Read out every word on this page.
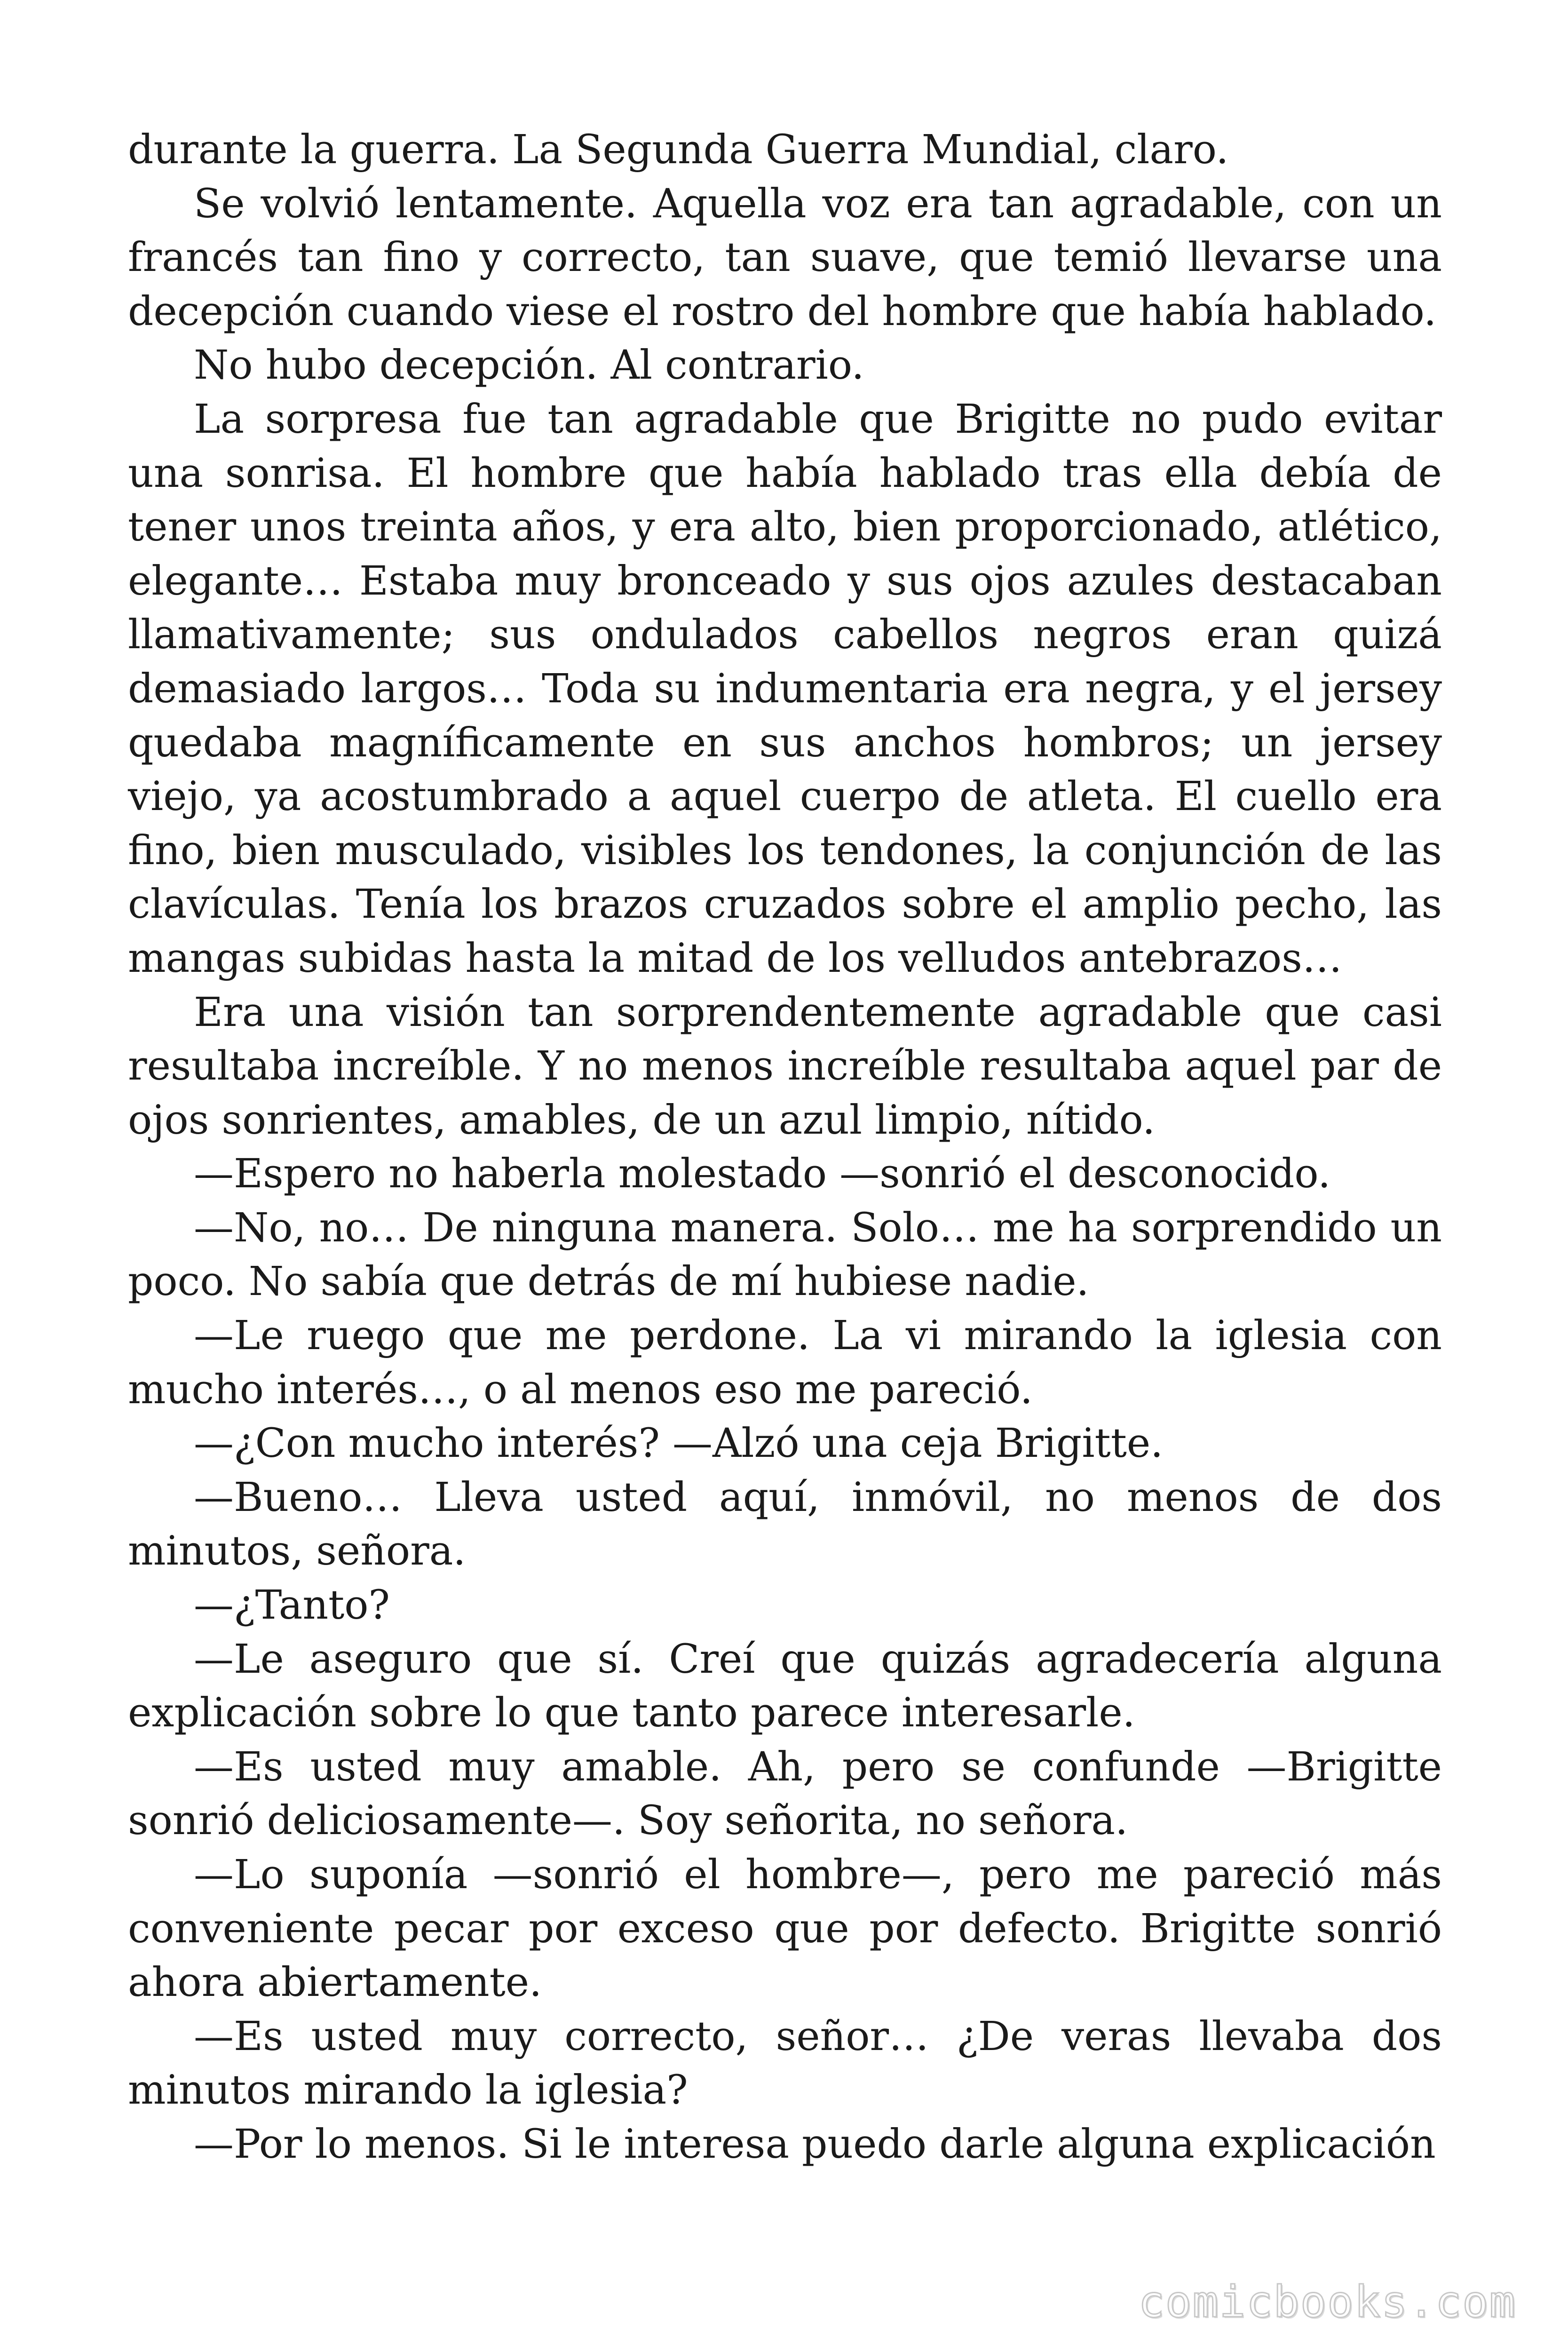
durante la guerra. La Segunda Guerra Mundial, claro.

Se volvió lentamente. Aquella voz era tan agradable, con un francés tan fino y correcto, tan suave, que temió llevarse una decepción cuando viese el rostro del hombre que había hablado.

No hubo decepción. Al contrario.

La sorpresa fue tan agradable que Brigitte no pudo evitar una sonrisa. El hombre que había hablado tras ella debía de tener unos treinta años, y era alto, bien proporcionado, atlético, elegante… Estaba muy bronceado y sus ojos azules destacaban llamativamente; sus ondulados cabellos negros eran quizá demasiado largos… Toda su indumentaria era negra, y el jersey quedaba magníficamente en sus anchos hombros; un jersey viejo, ya acostumbrado a aquel cuerpo de atleta. El cuello era fino, bien musculado, visibles los tendones, la conjunción de las clavículas. Tenía los brazos cruzados sobre el amplio pecho, las mangas subidas hasta la mitad de los velludos antebrazos…

Era una visión tan sorprendentemente agradable que casi resultaba increíble. Y no menos increíble resultaba aquel par de ojos sonrientes, amables, de un azul limpio, nítido.

—Espero no haberla molestado —sonrió el desconocido.

—No, no… De ninguna manera. Solo… me ha sorprendido un poco. No sabía que detrás de mí hubiese nadie.

—Le ruego que me perdone. La vi mirando la iglesia con mucho interés…, o al menos eso me pareció.

—¿Con mucho interés? —Alzó una ceja Brigitte.

—Bueno… Lleva usted aquí, inmóvil, no menos de dos minutos, señora.

—¿Tanto?

—Le aseguro que sí. Creí que quizás agradecería alguna explicación sobre lo que tanto parece interesarle.

—Es usted muy amable. Ah, pero se confunde —Brigitte sonrió deliciosamente—. Soy señorita, no señora.

—Lo suponía —sonrió el hombre—, pero me pareció más conveniente pecar por exceso que por defecto. Brigitte sonrió ahora abiertamente.

—Es usted muy correcto, señor… ¿De veras llevaba dos minutos mirando la iglesia?

—Por lo menos. Si le interesa puedo darle alguna explicación

comicbooks.com
